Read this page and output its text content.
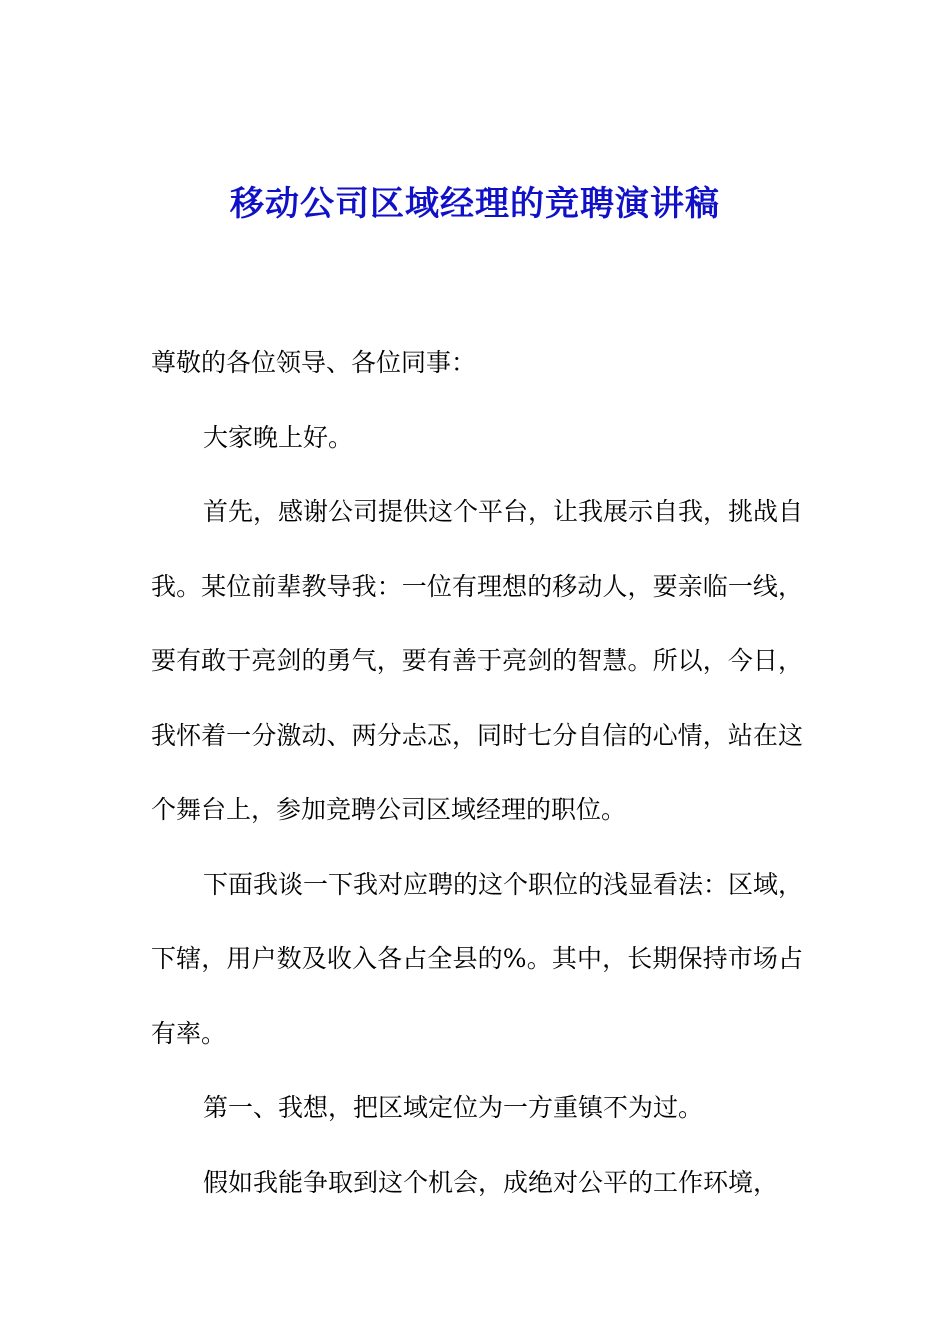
移动公司区域经理的竞聘演讲稿

尊敬的各位领导、各位同事：

大家晚上好。

首先，感谢公司提供这个平台，让我展示自我，挑战自我。某位前辈教导我：一位有理想的移动人，要亲临一线，要有敢于亮剑的勇气，要有善于亮剑的智慧。所以，今日，我怀着一分激动、两分忐忑，同时七分自信的心情，站在这个舞台上，参加竞聘公司区域经理的职位。

下面我谈一下我对应聘的这个职位的浅显看法：区域，下辖，用户数及收入各占全县的%。其中，长期保持市场占有率。

第一、我想，把区域定位为一方重镇不为过。

假如我能争取到这个机会，成绝对公平的工作环境，
